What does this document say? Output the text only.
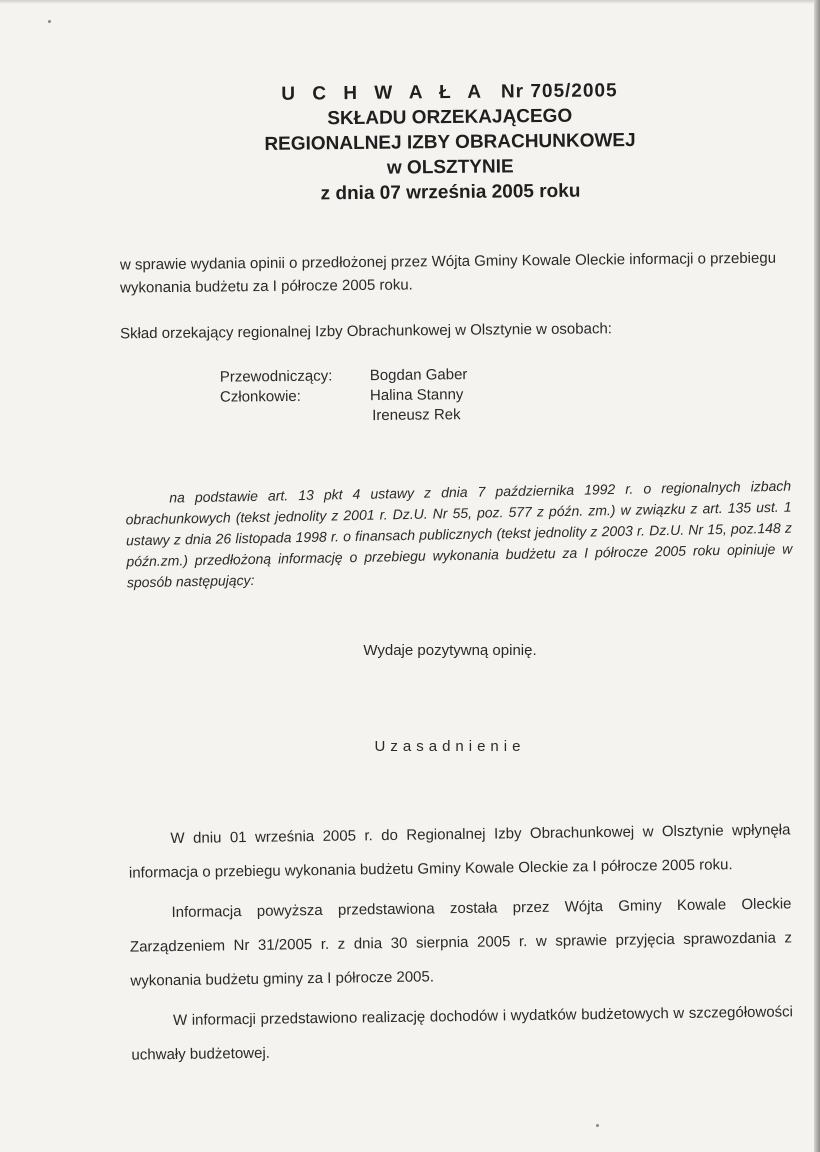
U C H W A Ł A Nr 705/2005
SKŁADU ORZEKAJĄCEGO
REGIONALNEJ IZBY OBRACHUNKOWEJ
w OLSZTYNIE
z dnia 07 września 2005 roku
w sprawie wydania opinii o przedłożonej przez Wójta Gminy Kowale Oleckie informacji o przebiegu wykonania budżetu za I półrocze 2005 roku.
Skład orzekający regionalnej Izby Obrachunkowej w Olsztynie w osobach:
Przewodniczący:	Bogdan Gaber
Członkowie:	Halina Stanny
Ireneusz Rek
na podstawie art. 13 pkt 4 ustawy z dnia 7 października 1992 r. o regionalnych izbach obrachunkowych (tekst jednolity z 2001 r. Dz.U. Nr 55, poz. 577 z późn. zm.) w związku z art. 135 ust. 1 ustawy z dnia 26 listopada 1998 r. o finansach publicznych (tekst jednolity z 2003 r. Dz.U. Nr 15, poz.148 z późn.zm.) przedłożoną informację o przebiegu wykonania budżetu za I półrocze 2005 roku opiniuje w sposób następujący:
Wydaje pozytywną opinię.
Uzasadnienie

W dniu 01 września 2005 r. do Regionalnej Izby Obrachunkowej w Olsztynie wpłynęła informacja o przebiegu wykonania budżetu Gminy Kowale Oleckie za I półrocze 2005 roku.

Informacja powyższa przedstawiona została przez Wójta Gminy Kowale Oleckie Zarządzeniem Nr 31/2005 r. z dnia 30 sierpnia 2005 r. w sprawie przyjęcia sprawozdania z wykonania budżetu gminy za I półrocze 2005.

W informacji przedstawiono realizację dochodów i wydatków budżetowych w szczegółowości uchwały budżetowej.
